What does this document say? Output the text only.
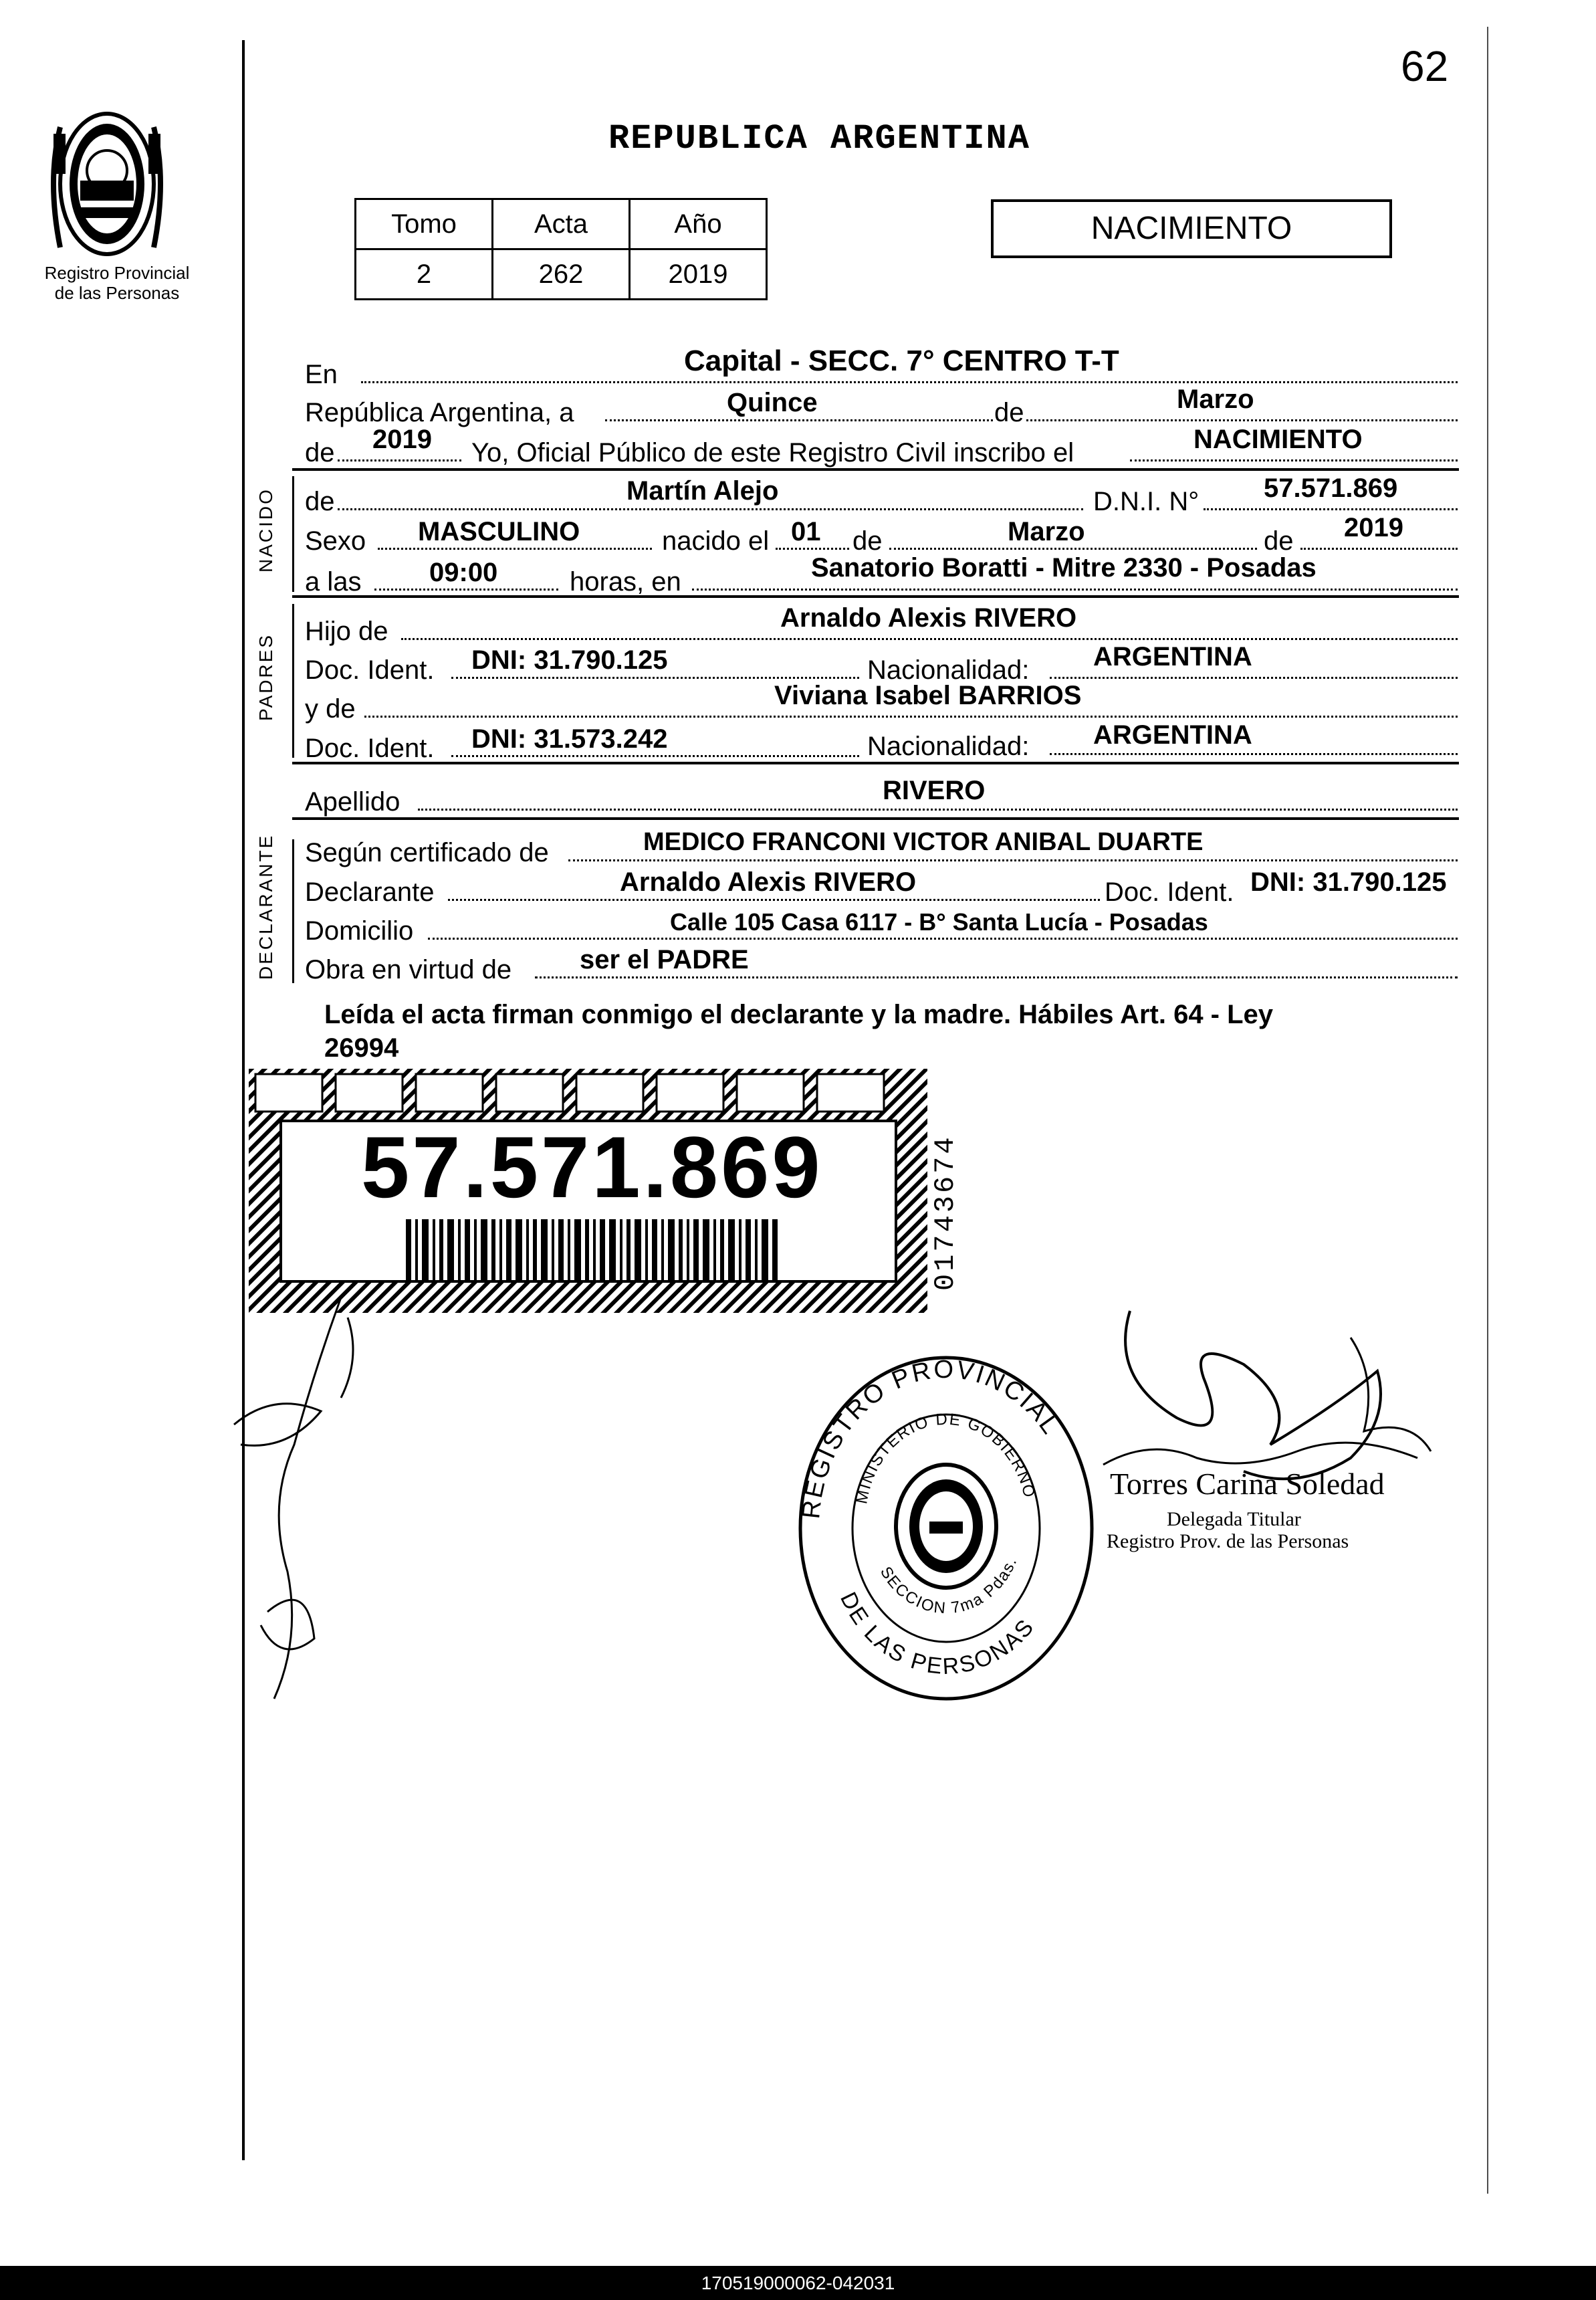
62
Registro Provincial
de las Personas
REPUBLICA ARGENTINA
Tomo	Acta	Año
2	262	2019
NACIMIENTO
En	Capital - SECC. 7° CENTRO T-T
República Argentina, a	Quince	de	Marzo
de 2019 Yo, Oficial Público de este Registro Civil inscribo el	NACIMIENTO
NACIDO de	Martín Alejo	D.N.I. N° 57.571.869
Sexo MASCULINO	nacido el 01 de	Marzo	de 2019
a las	09:00	horas, en	Sanatorio Boratti - Mitre 2330 - Posadas
PADRES
Hijo de	Arnaldo Alexis RIVERO
Doc. Ident. DNI: 31.790.125	Nacionalidad: ARGENTINA
y de	Viviana Isabel BARRIOS
Doc. Ident. DNI: 31.573.242	Nacionalidad: ARGENTINA
Apellido	RIVERO
DECLARANTE Según certificado de	MEDICO FRANCONI VICTOR ANIBAL DUARTE
Declarante	Arnaldo Alexis RIVERO	Doc. Ident. DNI: 31.790.125
Domicilio	Calle 105 Casa 6117 - B° Santa Lucía - Posadas
Obra en virtud de	ser el PADRE
Leída el acta firman conmigo el declarante y la madre. Hábiles Art. 64 - Ley
26994
57.571.869	01743674
REGISTRO PROVINCIAL
DE LAS PERSONAS
MINISTERIO DE GOBIERNO
SECCION 7ma Pdas.
Torres Carina Soledad
Delegada Titular
Registro Prov. de las Personas
170519000062-042031
